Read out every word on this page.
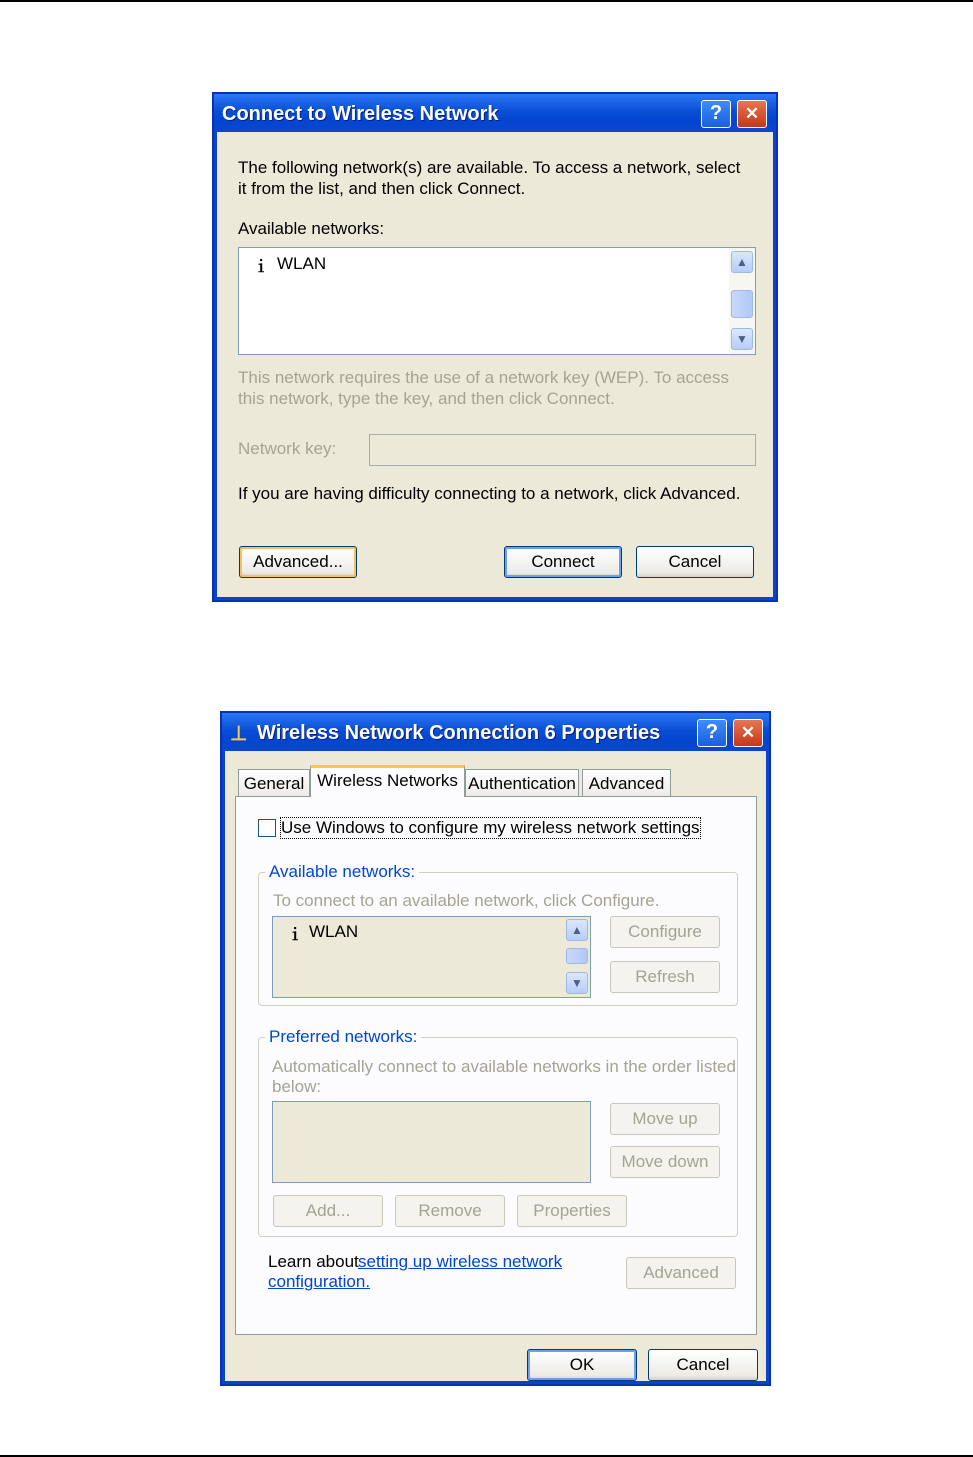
Connect to Wireless Network	?	✕
The following network(s) are available. To access a network, select
it from the list, and then click Connect.
Available networks:
ｉ WLAN	▲
▼
This network requires the use of a network key (WEP). To access
this network, type the key, and then click Connect.
Network key:
If you are having difficulty connecting to a network, click Advanced.
Advanced...	Connect	Cancel
⊥ Wireless Network Connection 6 Properties	?	✕
General Wireless Networks Authentication Advanced
Use Windows to configure my wireless network settings
Available networks:
To connect to an available network, click Configure.
ｉ WLAN	▲
▼
Configure
Refresh
Preferred networks:
Automatically connect to available networks in the order listed
below:
Move up
Move down
Add...	Remove	Properties
Learn about setting up wireless network
configuration.	Advanced
OK	Cancel
